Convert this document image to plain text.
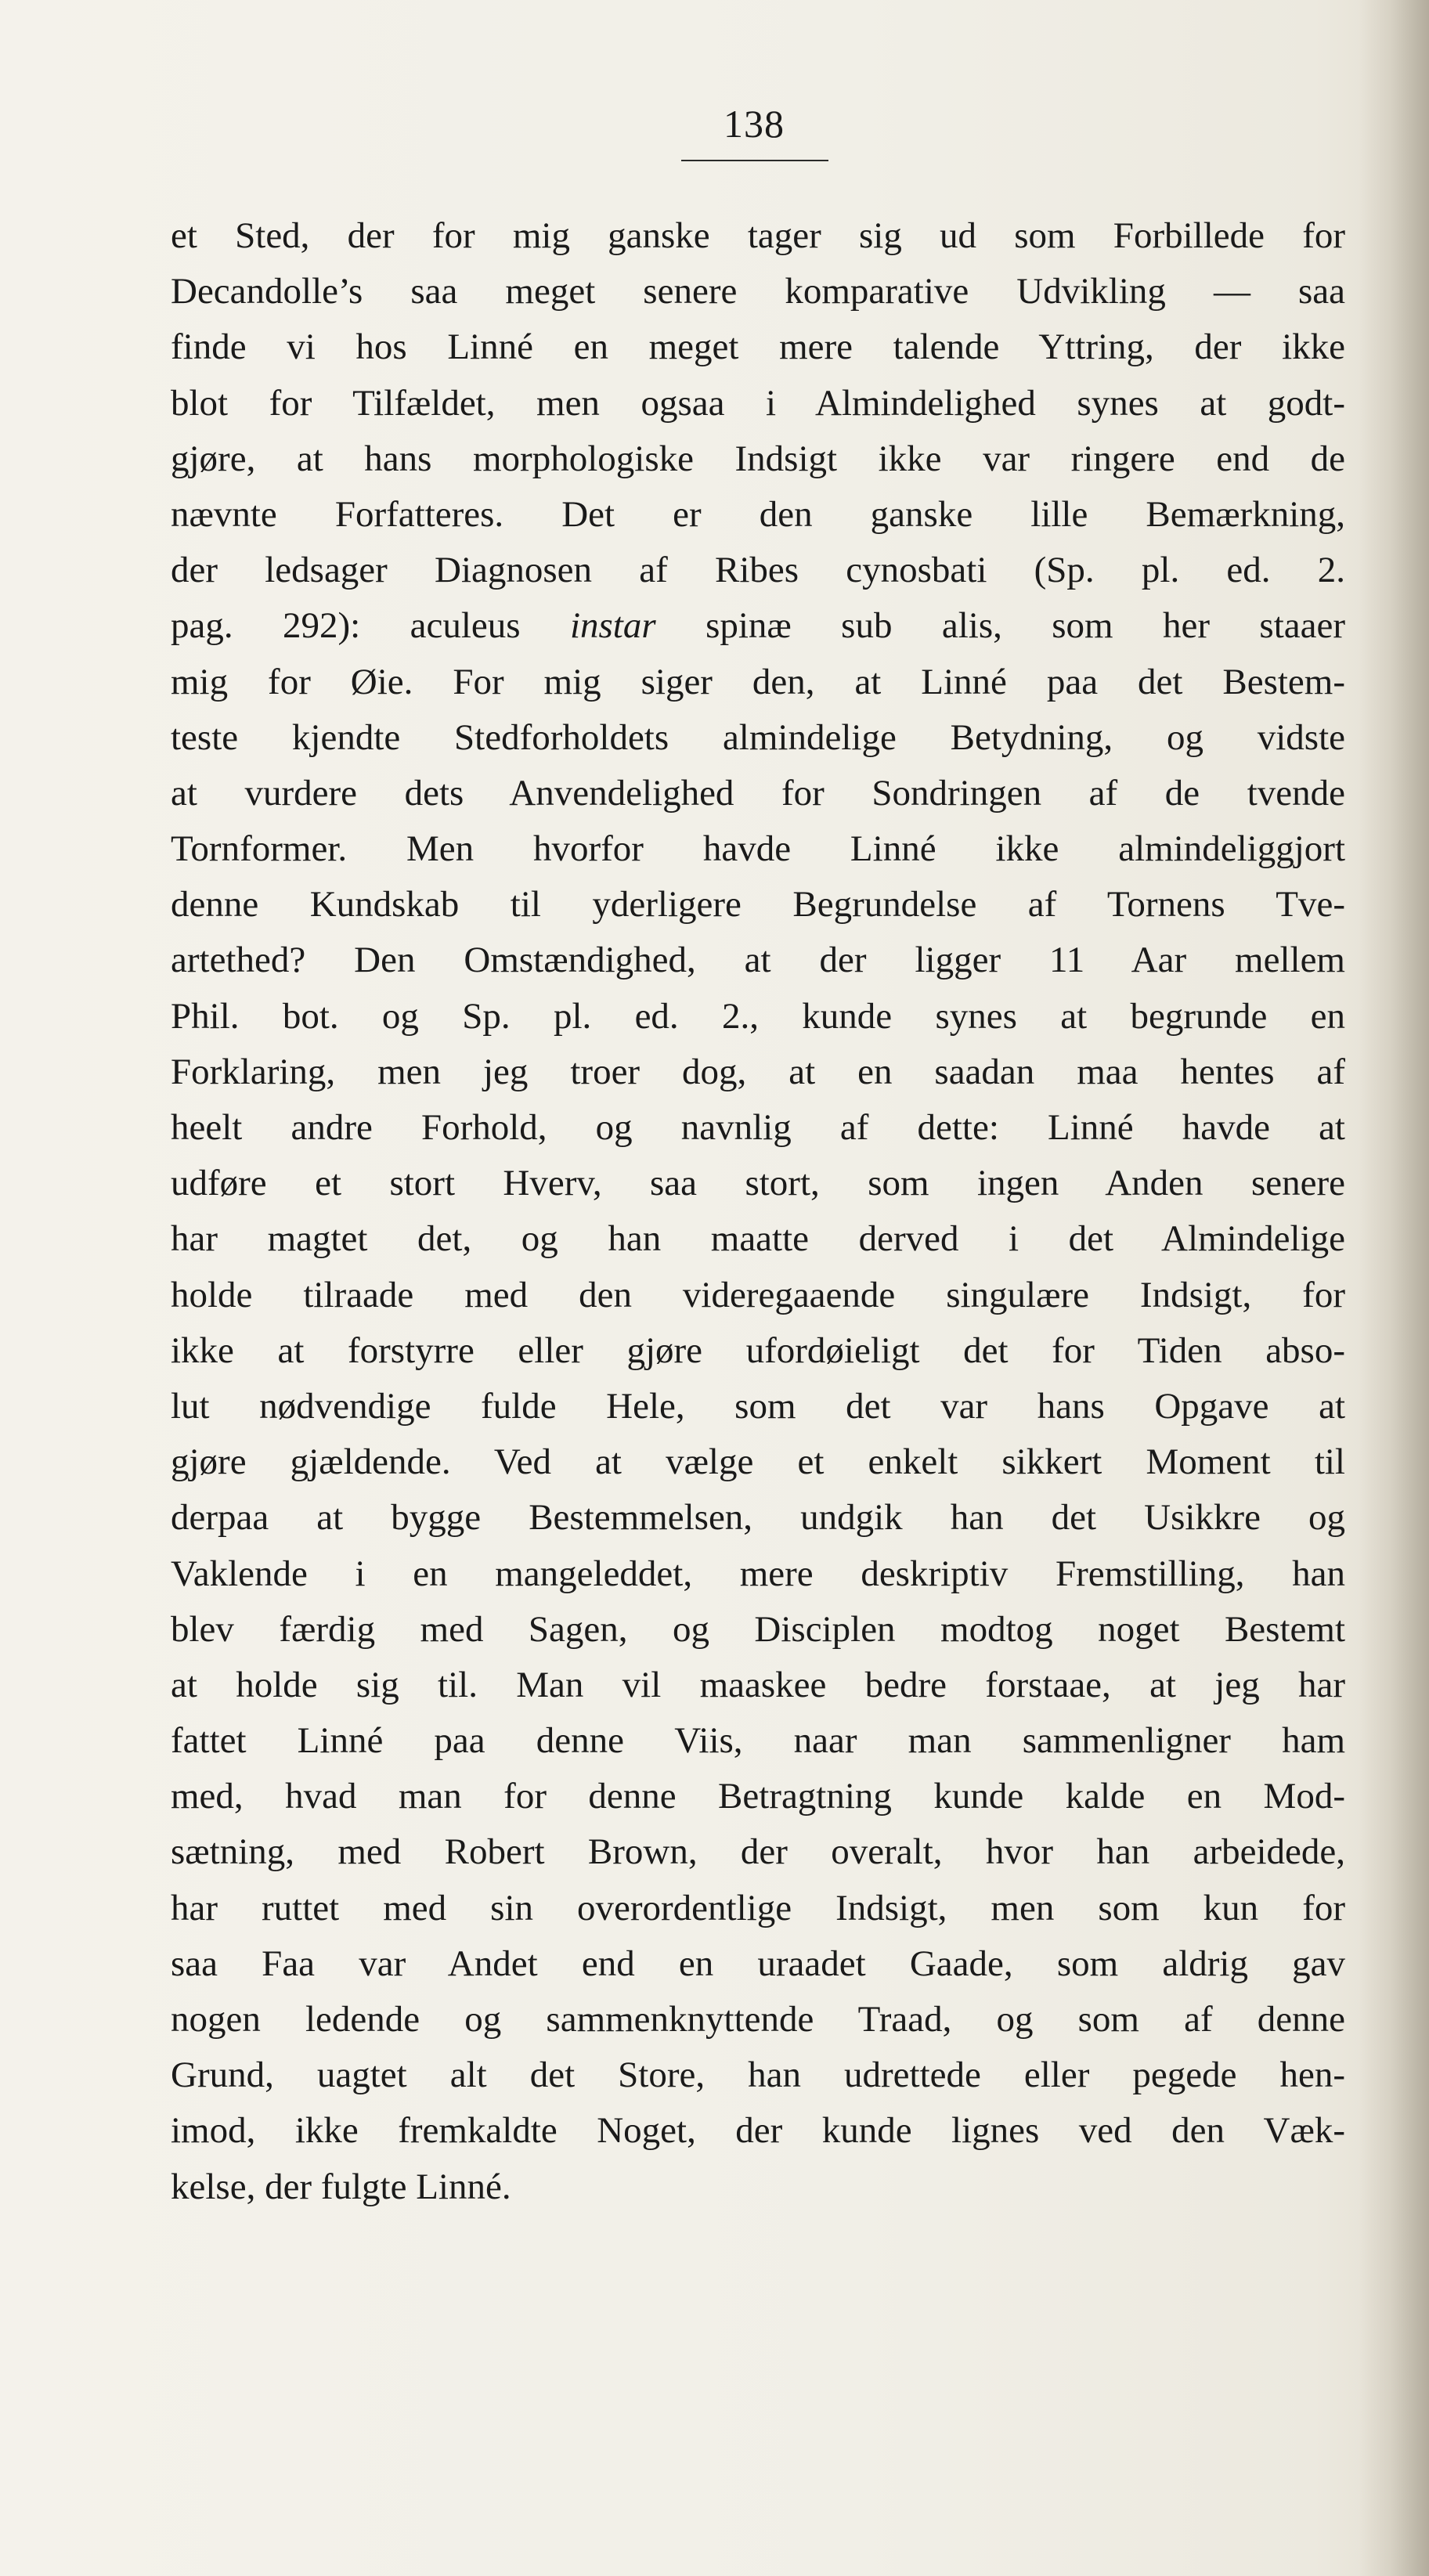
138
et Sted, der for mig ganske tager sig ud som Forbillede for
Decandolle’s saa meget senere komparative Udvikling — saa
finde vi hos Linné en meget mere talende Yttring, der ikke
blot for Tilfældet, men ogsaa i Almindelighed synes at godt-
gjøre, at hans morphologiske Indsigt ikke var ringere end de
nævnte Forfatteres. Det er den ganske lille Bemærkning,
der ledsager Diagnosen af Ribes cynosbati (Sp. pl. ed. 2.
pag. 292): aculeus instar spinæ sub alis, som her staaer
mig for Øie. For mig siger den, at Linné paa det Bestem-
teste kjendte Stedforholdets almindelige Betydning, og vidste
at vurdere dets Anvendelighed for Sondringen af de tvende
Tornformer. Men hvorfor havde Linné ikke almindeliggjort
denne Kundskab til yderligere Begrundelse af Tornens Tve-
artethed? Den Omstændighed, at der ligger 11 Aar mellem
Phil. bot. og Sp. pl. ed. 2., kunde synes at begrunde en
Forklaring, men jeg troer dog, at en saadan maa hentes af
heelt andre Forhold, og navnlig af dette: Linné havde at
udføre et stort Hverv, saa stort, som ingen Anden senere
har magtet det, og han maatte derved i det Almindelige
holde tilraade med den videregaaende singulære Indsigt, for
ikke at forstyrre eller gjøre ufordøieligt det for Tiden abso-
lut nødvendige fulde Hele, som det var hans Opgave at
gjøre gjældende. Ved at vælge et enkelt sikkert Moment til
derpaa at bygge Bestemmelsen, undgik han det Usikkre og
Vaklende i en mangeleddet, mere deskriptiv Fremstilling, han
blev færdig med Sagen, og Disciplen modtog noget Bestemt
at holde sig til. Man vil maaskee bedre forstaae, at jeg har
fattet Linné paa denne Viis, naar man sammenligner ham
med, hvad man for denne Betragtning kunde kalde en Mod-
sætning, med Robert Brown, der overalt, hvor han arbeidede,
har ruttet med sin overordentlige Indsigt, men som kun for
saa Faa var Andet end en uraadet Gaade, som aldrig gav
nogen ledende og sammenknyttende Traad, og som af denne
Grund, uagtet alt det Store, han udrettede eller pegede hen-
imod, ikke fremkaldte Noget, der kunde lignes ved den Væk-
kelse, der fulgte Linné.
